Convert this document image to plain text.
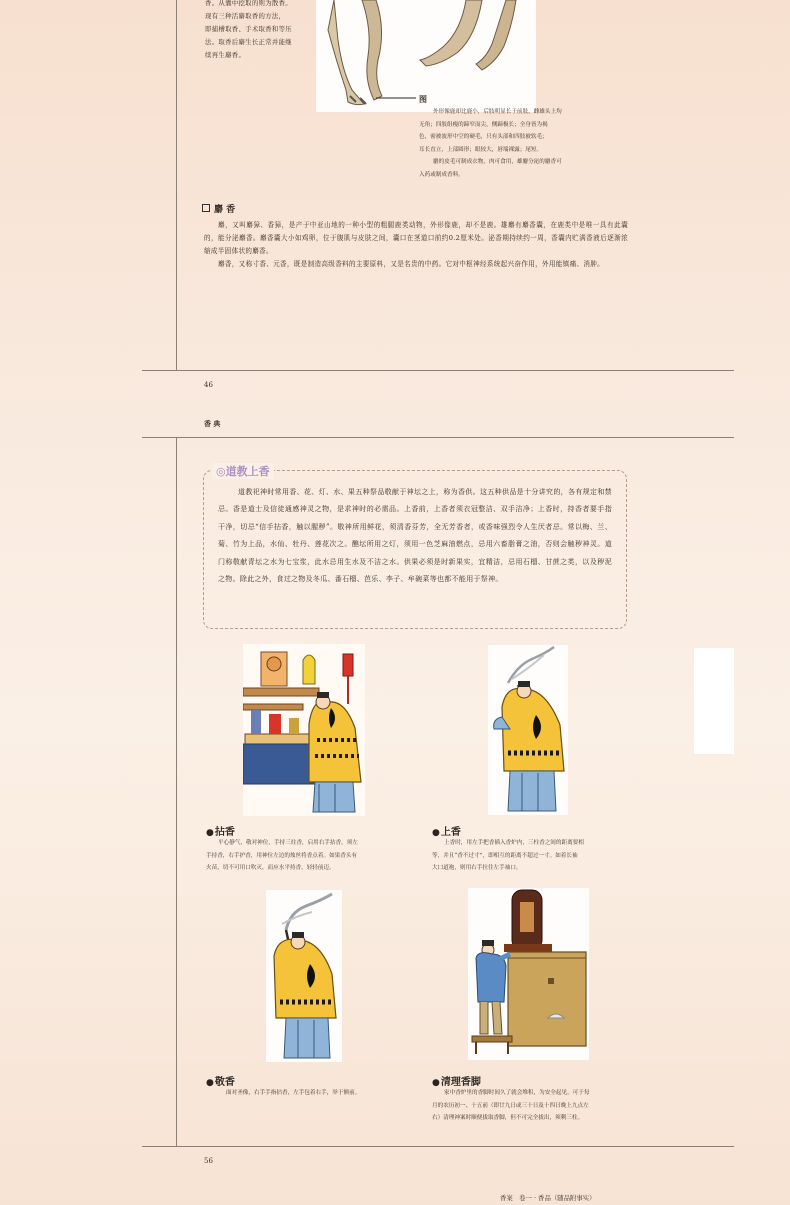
香。从囊中挖取的则为散香。
现有三种活麝取香的方法，
即捕槽取香、手术取香和等压
法。取香后麝生长正常并能继
续再生麝香。
图
外形像鹿却比鹿小，后肢明显长于前肢，雌雄头上均
无角；四肢组瘦的蹄窄而尖，侧蹄极长；全身皆为褐
色，密被波形中空的硬毛，只有头部和四肢被软毛；
耳长直立，上部圆形；眼较大，唇端裸露；尾短。
麝的皮毛可制成衣物，肉可食用，雄麝分泌的麝香可
入药或制成香料。
麝 香

麝，又叫麝獐、香獐，是产于中亚山地的一种小型的粗腿鹿类动物，外形像鹿，却不是鹿。雄麝有麝香囊，在鹿类中是唯一具有此囊的，能分泌麝香。麝香囊大小如鸡卵，位于腹肌与皮肤之间，囊口在茎道口前约0.2厘米处。泌香期持续约一周，香囊内贮满香液后逐渐浓缩成半固体状的麝香。

麝香，又称寸香、元香，既是制造高级香料的主要原料，又是名贵的中药。它对中枢神经系统起兴奋作用，外用能镇痛、消肿。

46
香 典
◎道教上香
道教祀神时常用香、花、灯、水、果五种祭品敬献于神坛之上，称为香供。这五种供品是十分讲究的，各有规定和禁忌。香是道士及信徒通感神灵之物，是求神时的必需品。上香前，上香者须衣冠整洁、双手洁净；上香时，持香者要手指干净，切忌“信手拈香，触以腥秽”。敬神所用鲜花，须清香芬芳，全无芳香者，或香味强烈令人生厌者忌。常以梅、兰、菊、竹为上品，水仙、牡丹、莲花次之。醮坛所用之灯，须用一色芝麻油燃点，忌用六畜脂膏之油，否则会触秽神灵。道门称敬献青坛之水为七宝浆，此水忌用生水及不洁之水。供果必须是时新果实，宜精洁，忌用石榴、甘蔗之类，以及秽泥之物。除此之外，食过之物及冬瓜、番石榴、芭乐、李子、牟碗菜等也都不能用于祭神。
●拈香
平心静气，敬对神位，手持三炷香，启用右手拈香，须左
手持香，右手护香，用神位左边的烛丝将香点着。如果香头有
火苗，切不可用口吹灭，而应水平持香，轻轻前迈。
●上香
上香时，用左手把香插入香炉内，三柱香之间的距离要相
等，并且“香不过寸”，即相互的距离不超过一寸。如着长袖
大口道袍，则用右手拉住左手袖口。
●敬香
面对圣像，右手手指拈香，左手包着右手，举于额前。
●清理香脚
家中香炉里的香脚时间久了就会堆积，为安全起见，可于每
月的农历初一、十五前（即廿九日或三十日及十四日晚上九点左
右）清理神案时顺便拔取香脚，但不可完全拔出，须剩三柱。
56
香案　卷一 · 香品（随品附事实）
